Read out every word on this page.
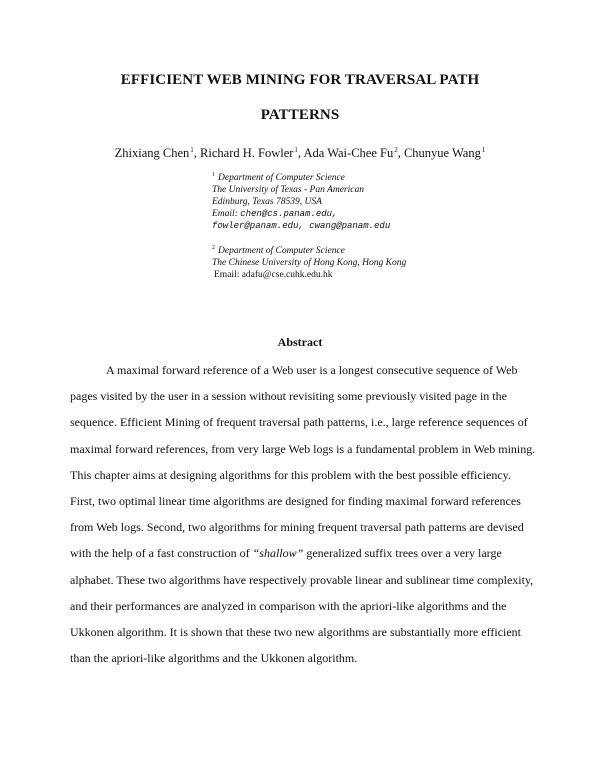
EFFICIENT WEB MINING FOR TRAVERSAL PATH
PATTERNS
Zhixiang Chen$^1$, Richard H. Fowler$^1$, Ada Wai-Chee Fu$^2$, Chunyue Wang$^1$
$^1$ Department of Computer Science
The University of Texas - Pan American
Edinburg, Texas 78539, USA
Email: chen@cs.panam.edu,
fowler@panam.edu, cwang@panam.edu
$^2$ Department of Computer Science
The Chinese University of Hong Kong, Hong Kong
Email: adafu@cse.cuhk.edu.hk
Abstract
A maximal forward reference of a Web user is a longest consecutive sequence of Web
pages visited by the user in a session without revisiting some previously visited page in the
sequence. Efficient Mining of frequent traversal path patterns, i.e., large reference sequences of
maximal forward references, from very large Web logs is a fundamental problem in Web mining.
This chapter aims at designing algorithms for this problem with the best possible efficiency.
First, two optimal linear time algorithms are designed for finding maximal forward references
from Web logs. Second, two algorithms for mining frequent traversal path patterns are devised
with the help of a fast construction of “shallow” generalized suffix trees over a very large
alphabet. These two algorithms have respectively provable linear and sublinear time complexity,
and their performances are analyzed in comparison with the apriori-like algorithms and the
Ukkonen algorithm. It is shown that these two new algorithms are substantially more efficient
than the apriori-like algorithms and the Ukkonen algorithm.
